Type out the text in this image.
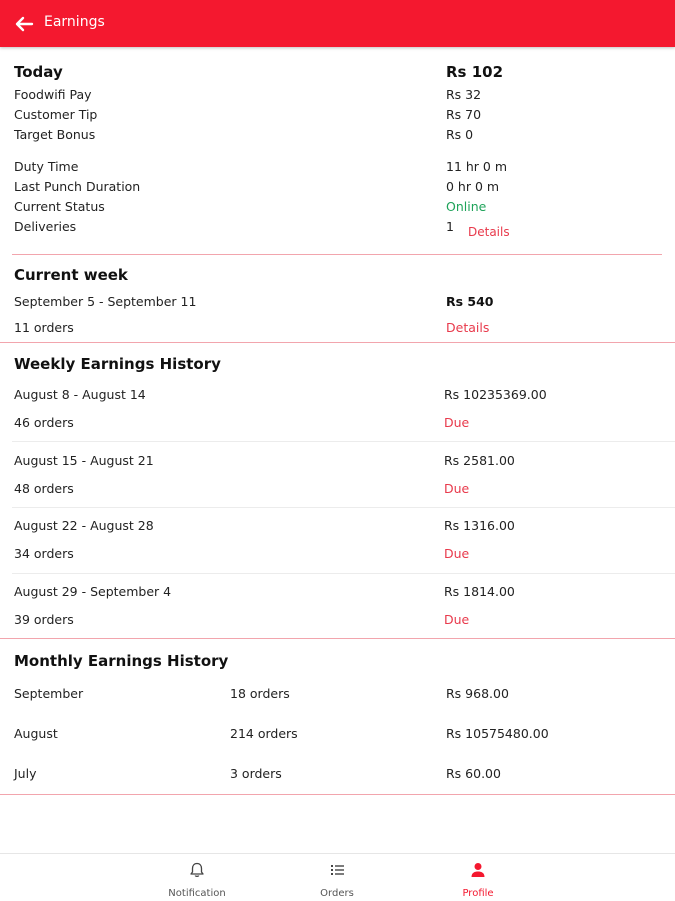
Earnings
Today	Rs 102
Foodwifi Pay	Rs 32
Customer Tip	Rs 70
Target Bonus	Rs 0
Duty Time	11 hr 0 m
Last Punch Duration	0 hr 0 m
Current Status	Online
Deliveries	1 Details
Current week
September 5 - September 11	Rs 540
11 orders	Details
Weekly Earnings History
August 8 - August 14	Rs 10235369.00
46 orders	Due
August 15 - August 21	Rs 2581.00
48 orders	Due
August 22 - August 28	Rs 1316.00
34 orders	Due
August 29 - September 4	Rs 1814.00
39 orders	Due
Monthly Earnings History
September	18 orders	Rs 968.00
August	214 orders	Rs 10575480.00
July	3 orders	Rs 60.00
Notification	Orders	Profile
